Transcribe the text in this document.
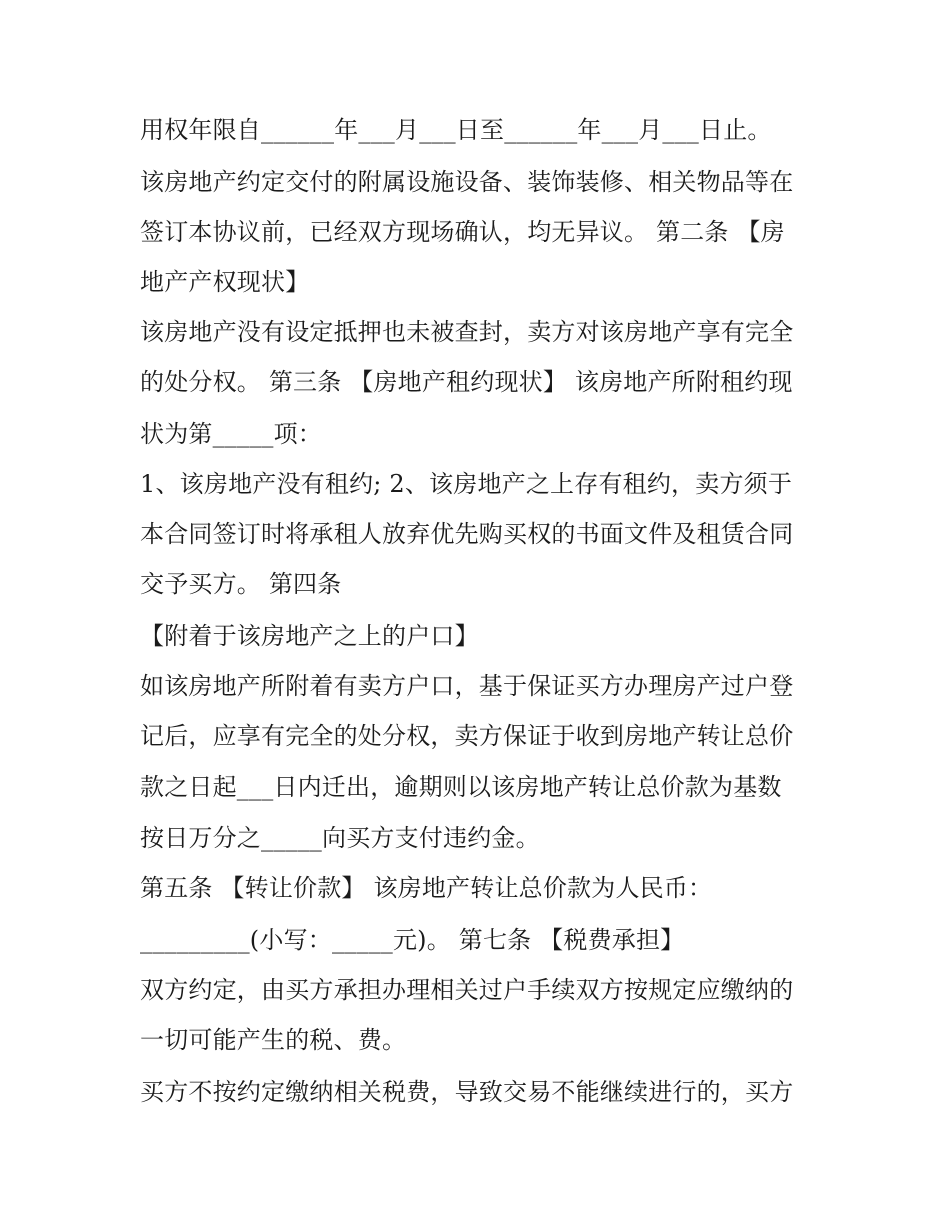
用权年限自______年___月___日至______年___月___日止。
该房地产约定交付的附属设施设备、装饰装修、相关物品等在
签订本协议前，已经双方现场确认，均无异议。 第二条 【房
地产产权现状】
该房地产没有设定抵押也未被查封，卖方对该房地产享有完全
的处分权。 第三条 【房地产租约现状】 该房地产所附租约现
状为第_____项：
1、该房地产没有租约; 2、该房地产之上存有租约，卖方须于
本合同签订时将承租人放弃优先购买权的书面文件及租赁合同
交予买方。 第四条
【附着于该房地产之上的户口】
如该房地产所附着有卖方户口，基于保证买方办理房产过户登
记后，应享有完全的处分权，卖方保证于收到房地产转让总价
款之日起___日内迁出，逾期则以该房地产转让总价款为基数
按日万分之_____向买方支付违约金。
第五条 【转让价款】 该房地产转让总价款为人民币：
_________(小写：_____元)。 第七条 【税费承担】
双方约定，由买方承担办理相关过户手续双方按规定应缴纳的
一切可能产生的税、费。
买方不按约定缴纳相关税费，导致交易不能继续进行的，买方
